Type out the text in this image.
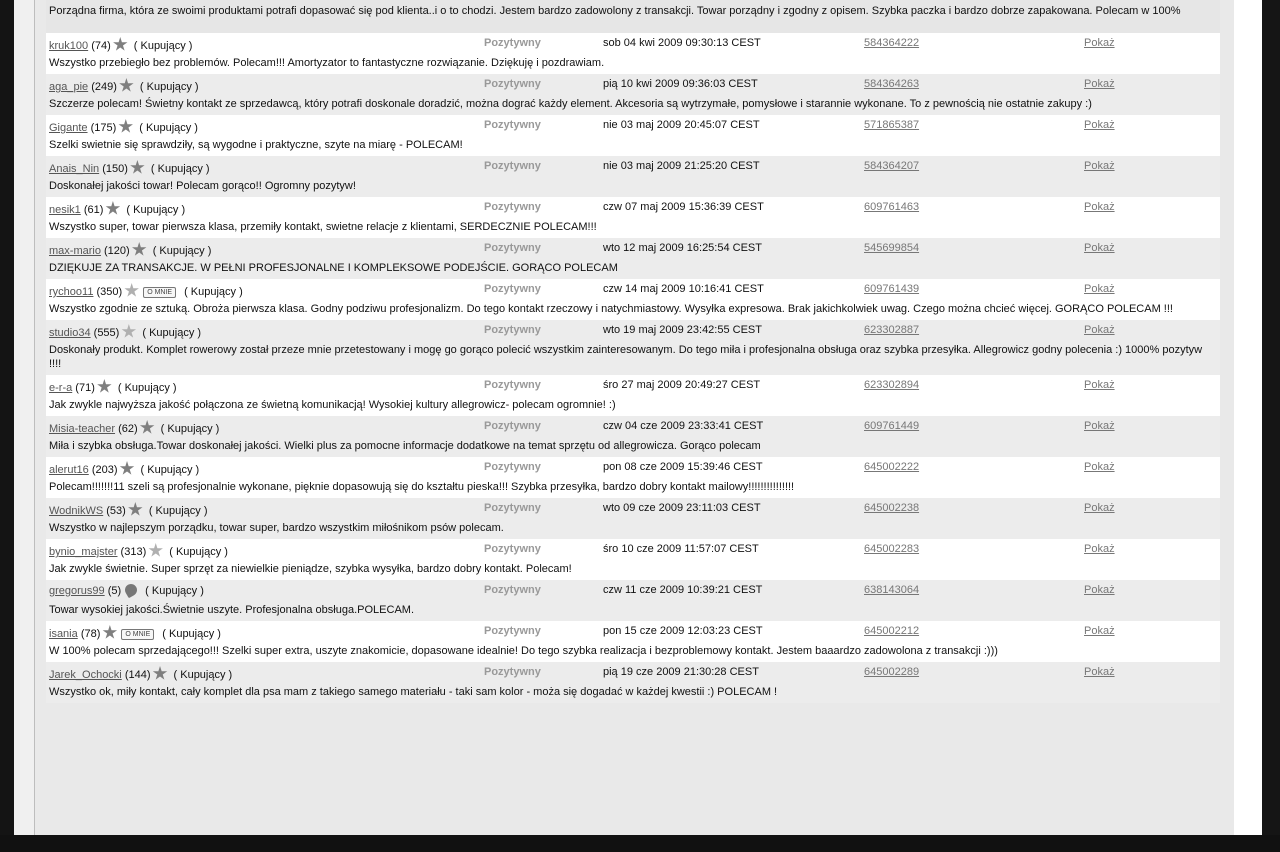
Porządna firma, która ze swoimi produktami potrafi dopasować się pod klienta..i o to chodzi. Jestem bardzo zadowolony z transakcji. Towar porządny i zgodny z opisem. Szybka paczka i bardzo dobrze zapakowana. Polecam w 100%
kruk100 (74) ( Kupujący )	Pozytywny	sob 04 kwi 2009 09:30:13 CEST	584364222	Pokaż
Wszystko przebiegło bez problemów. Polecam!!! Amortyzator to fantastyczne rozwiązanie. Dziękuję i pozdrawiam.
aga_pie (249) ( Kupujący )	Pozytywny	pią 10 kwi 2009 09:36:03 CEST	584364263	Pokaż
Szczerze polecam! Świetny kontakt ze sprzedawcą, który potrafi doskonale doradzić, można dograć każdy element. Akcesoria są wytrzymałe, pomysłowe i starannie wykonane. To z pewnością nie ostatnie zakupy :)
Gigante (175) ( Kupujący )	Pozytywny	nie 03 maj 2009 20:45:07 CEST	571865387	Pokaż
Szelki swietnie się sprawdziły, są wygodne i praktyczne, szyte na miarę - POLECAM!
Anais_Nin (150) ( Kupujący )	Pozytywny	nie 03 maj 2009 21:25:20 CEST	584364207	Pokaż
Doskonałej jakości towar! Polecam gorąco!! Ogromny pozytyw!
nesik1 (61) ( Kupujący )	Pozytywny	czw 07 maj 2009 15:36:39 CEST	609761463	Pokaż
Wszystko super, towar pierwsza klasa, przemiły kontakt, swietne relacje z klientami, SERDECZNIE POLECAM!!!
max-mario (120) ( Kupujący )	Pozytywny	wto 12 maj 2009 16:25:54 CEST	545699854	Pokaż
DZIĘKUJE ZA TRANSAKCJE. W PEŁNI PROFESJONALNE I KOMPLEKSOWE PODEJŚCIE. GORĄCO POLECAM
rychoo11 (350)	O MNIE ( Kupujący )	Pozytywny	czw 14 maj 2009 10:16:41 CEST	609761439	Pokaż
Wszystko zgodnie ze sztuką. Obroża pierwsza klasa. Godny podziwu profesjonalizm. Do tego kontakt rzeczowy i natychmiastowy. Wysyłka expresowa. Brak jakichkolwiek uwag. Czego można chcieć więcej. GORĄCO POLECAM !!!
studio34 (555) ( Kupujący )	Pozytywny	wto 19 maj 2009 23:42:55 CEST	623302887	Pokaż
Doskonały produkt. Komplet rowerowy został przeze mnie przetestowany i mogę go gorąco polecić wszystkim zainteresowanym. Do tego miła i profesjonalna obsługa oraz szybka przesyłka. Allegrowicz godny polecenia :) 1000% pozytyw !!!!
e-r-a (71) ( Kupujący )	Pozytywny	śro 27 maj 2009 20:49:27 CEST	623302894	Pokaż
Jak zwykle najwyższa jakość połączona ze świetną komunikacją! Wysokiej kultury allegrowicz- polecam ogromnie! :)
Misia-teacher (62) ( Kupujący )	Pozytywny	czw 04 cze 2009 23:33:41 CEST	609761449	Pokaż
Miła i szybka obsługa.Towar doskonałej jakości. Wielki plus za pomocne informacje dodatkowe na temat sprzętu od allegrowicza. Gorąco polecam
alerut16 (203) ( Kupujący )	Pozytywny	pon 08 cze 2009 15:39:46 CEST	645002222	Pokaż
Polecam!!!!!!!11 szeli są profesjonalnie wykonane, pięknie dopasowują się do kształtu pieska!!! Szybka przesyłka, bardzo dobry kontakt mailowy!!!!!!!!!!!!!!!
WodnikWS (53) ( Kupujący )	Pozytywny	wto 09 cze 2009 23:11:03 CEST	645002238	Pokaż
Wszystko w najlepszym porządku, towar super, bardzo wszystkim miłośnikom psów polecam.
bynio_majster (313) ( Kupujący )	Pozytywny	śro 10 cze 2009 11:57:07 CEST	645002283	Pokaż
Jak zwykle świetnie. Super sprzęt za niewielkie pieniądze, szybka wysyłka, bardzo dobry kontakt. Polecam!
gregorus99 (5) ( Kupujący )	Pozytywny	czw 11 cze 2009 10:39:21 CEST	638143064	Pokaż
Towar wysokiej jakości.Świetnie uszyte. Profesjonalna obsługa.POLECAM.
isania (78)	O MNIE ( Kupujący )	Pozytywny	pon 15 cze 2009 12:03:23 CEST	645002212	Pokaż
W 100% polecam sprzedającego!!! Szelki super extra, uszyte znakomicie, dopasowane idealnie! Do tego szybka realizacja i bezproblemowy kontakt. Jestem baaardzo zadowolona z transakcji :)))
Jarek_Ochocki (144) ( Kupujący )	Pozytywny	pią 19 cze 2009 21:30:28 CEST	645002289	Pokaż
Wszystko ok, miły kontakt, cały komplet dla psa mam z takiego samego materiału - taki sam kolor - moża się dogadać w każdej kwestii :) POLECAM !
